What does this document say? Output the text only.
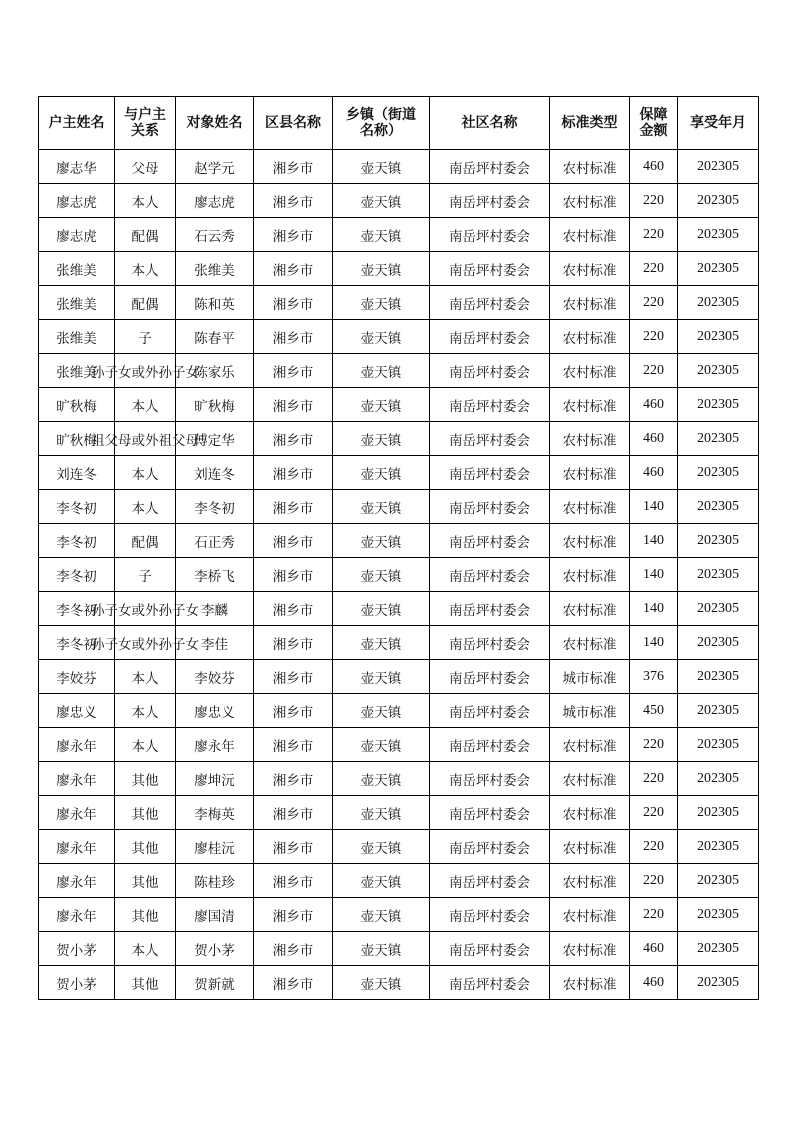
户主姓名	与户主关系	对象姓名	区县名称	乡镇（街道名称）	社区名称	标准类型	保障金额	享受年月
廖志华	父母	赵学元	湘乡市	壶天镇	南岳坪村委会	农村标准	460	202305
廖志虎	本人	廖志虎	湘乡市	壶天镇	南岳坪村委会	农村标准	220	202305
廖志虎	配偶	石云秀	湘乡市	壶天镇	南岳坪村委会	农村标准	220	202305
张维美	本人	张维美	湘乡市	壶天镇	南岳坪村委会	农村标准	220	202305
张维美	配偶	陈和英	湘乡市	壶天镇	南岳坪村委会	农村标准	220	202305
张维美	子	陈春平	湘乡市	壶天镇	南岳坪村委会	农村标准	220	202305
张维美	孙子女或外孙子女	陈家乐	湘乡市	壶天镇	南岳坪村委会	农村标准	220	202305
旷秋梅	本人	旷秋梅	湘乡市	壶天镇	南岳坪村委会	农村标准	460	202305
旷秋梅	祖父母或外祖父母	傅定华	湘乡市	壶天镇	南岳坪村委会	农村标准	460	202305
刘连冬	本人	刘连冬	湘乡市	壶天镇	南岳坪村委会	农村标准	460	202305
李冬初	本人	李冬初	湘乡市	壶天镇	南岳坪村委会	农村标准	140	202305
李冬初	配偶	石正秀	湘乡市	壶天镇	南岳坪村委会	农村标准	140	202305
李冬初	子	李桥飞	湘乡市	壶天镇	南岳坪村委会	农村标准	140	202305
李冬初	孙子女或外孙子女	李麟	湘乡市	壶天镇	南岳坪村委会	农村标准	140	202305
李冬初	孙子女或外孙子女	李佳	湘乡市	壶天镇	南岳坪村委会	农村标准	140	202305
李姣芬	本人	李姣芬	湘乡市	壶天镇	南岳坪村委会	城市标准	376	202305
廖忠义	本人	廖忠义	湘乡市	壶天镇	南岳坪村委会	城市标准	450	202305
廖永年	本人	廖永年	湘乡市	壶天镇	南岳坪村委会	农村标准	220	202305
廖永年	其他	廖坤沅	湘乡市	壶天镇	南岳坪村委会	农村标准	220	202305
廖永年	其他	李梅英	湘乡市	壶天镇	南岳坪村委会	农村标准	220	202305
廖永年	其他	廖桂沅	湘乡市	壶天镇	南岳坪村委会	农村标准	220	202305
廖永年	其他	陈桂珍	湘乡市	壶天镇	南岳坪村委会	农村标准	220	202305
廖永年	其他	廖国清	湘乡市	壶天镇	南岳坪村委会	农村标准	220	202305
贺小茅	本人	贺小茅	湘乡市	壶天镇	南岳坪村委会	农村标准	460	202305
贺小茅	其他	贺新就	湘乡市	壶天镇	南岳坪村委会	农村标准	460	202305
